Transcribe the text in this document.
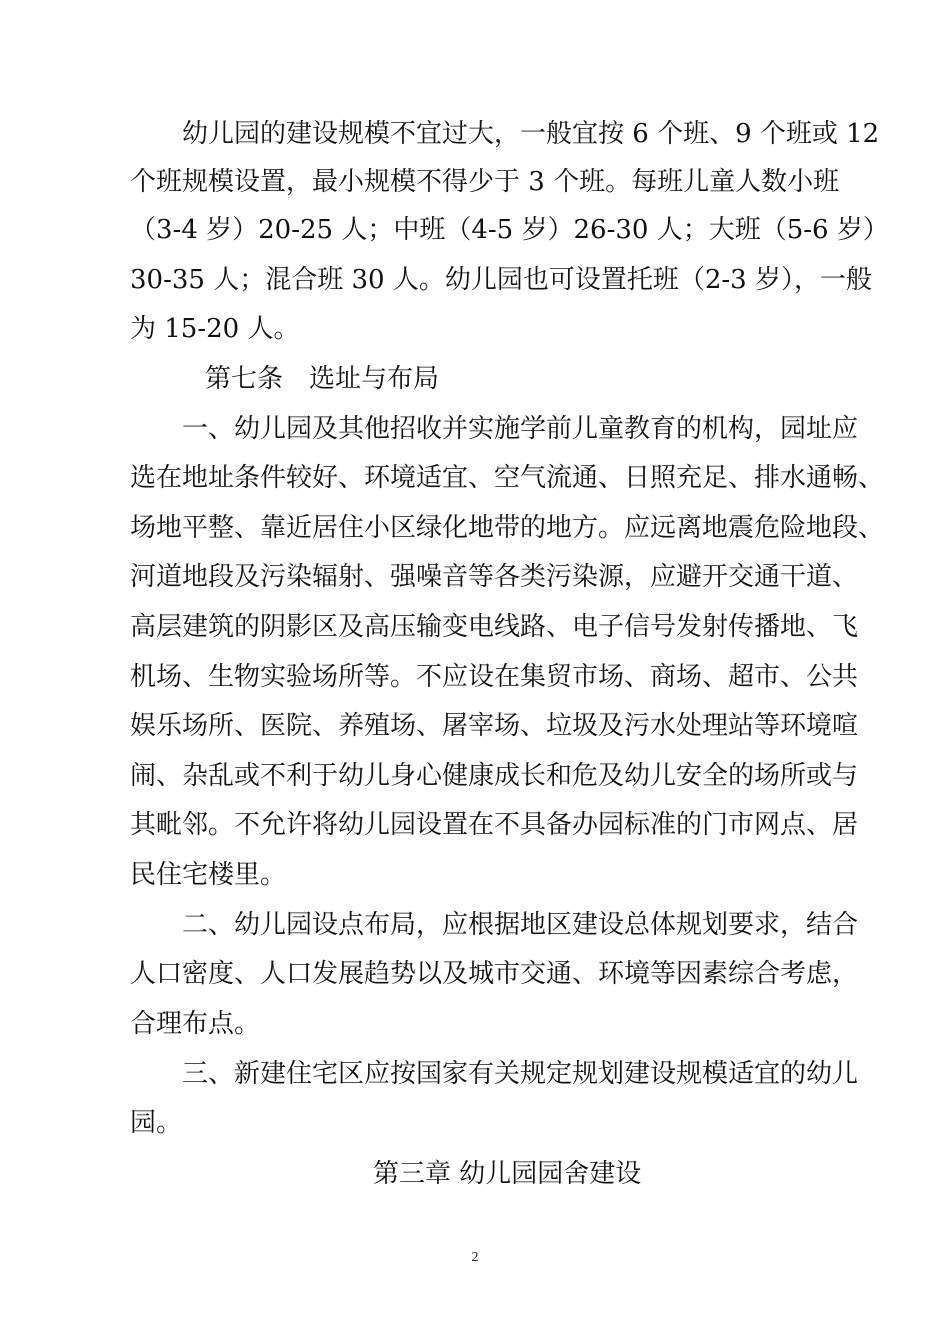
幼儿园的建设规模不宜过大，一般宜按 6 个班、9 个班或 12
个班规模设置，最小规模不得少于 3 个班。每班儿童人数小班
（3-4 岁）20-25 人；中班（4-5 岁）26-30 人；大班（5-6 岁）
30-35 人；混合班 30 人。幼儿园也可设置托班（2-3 岁），一般
为 15-20 人。
第七条　选址与布局
一、幼儿园及其他招收并实施学前儿童教育的机构，园址应
选在地址条件较好、环境适宜、空气流通、日照充足、排水通畅、
场地平整、靠近居住小区绿化地带的地方。应远离地震危险地段、
河道地段及污染辐射、强噪音等各类污染源，应避开交通干道、
高层建筑的阴影区及高压输变电线路、电子信号发射传播地、飞
机场、生物实验场所等。不应设在集贸市场、商场、超市、公共
娱乐场所、医院、养殖场、屠宰场、垃圾及污水处理站等环境喧
闹、杂乱或不利于幼儿身心健康成长和危及幼儿安全的场所或与
其毗邻。不允许将幼儿园设置在不具备办园标准的门市网点、居
民住宅楼里。
二、幼儿园设点布局，应根据地区建设总体规划要求，结合
人口密度、人口发展趋势以及城市交通、环境等因素综合考虑，
合理布点。
三、新建住宅区应按国家有关规定规划建设规模适宜的幼儿
园。
第三章 幼儿园园舍建设
2
